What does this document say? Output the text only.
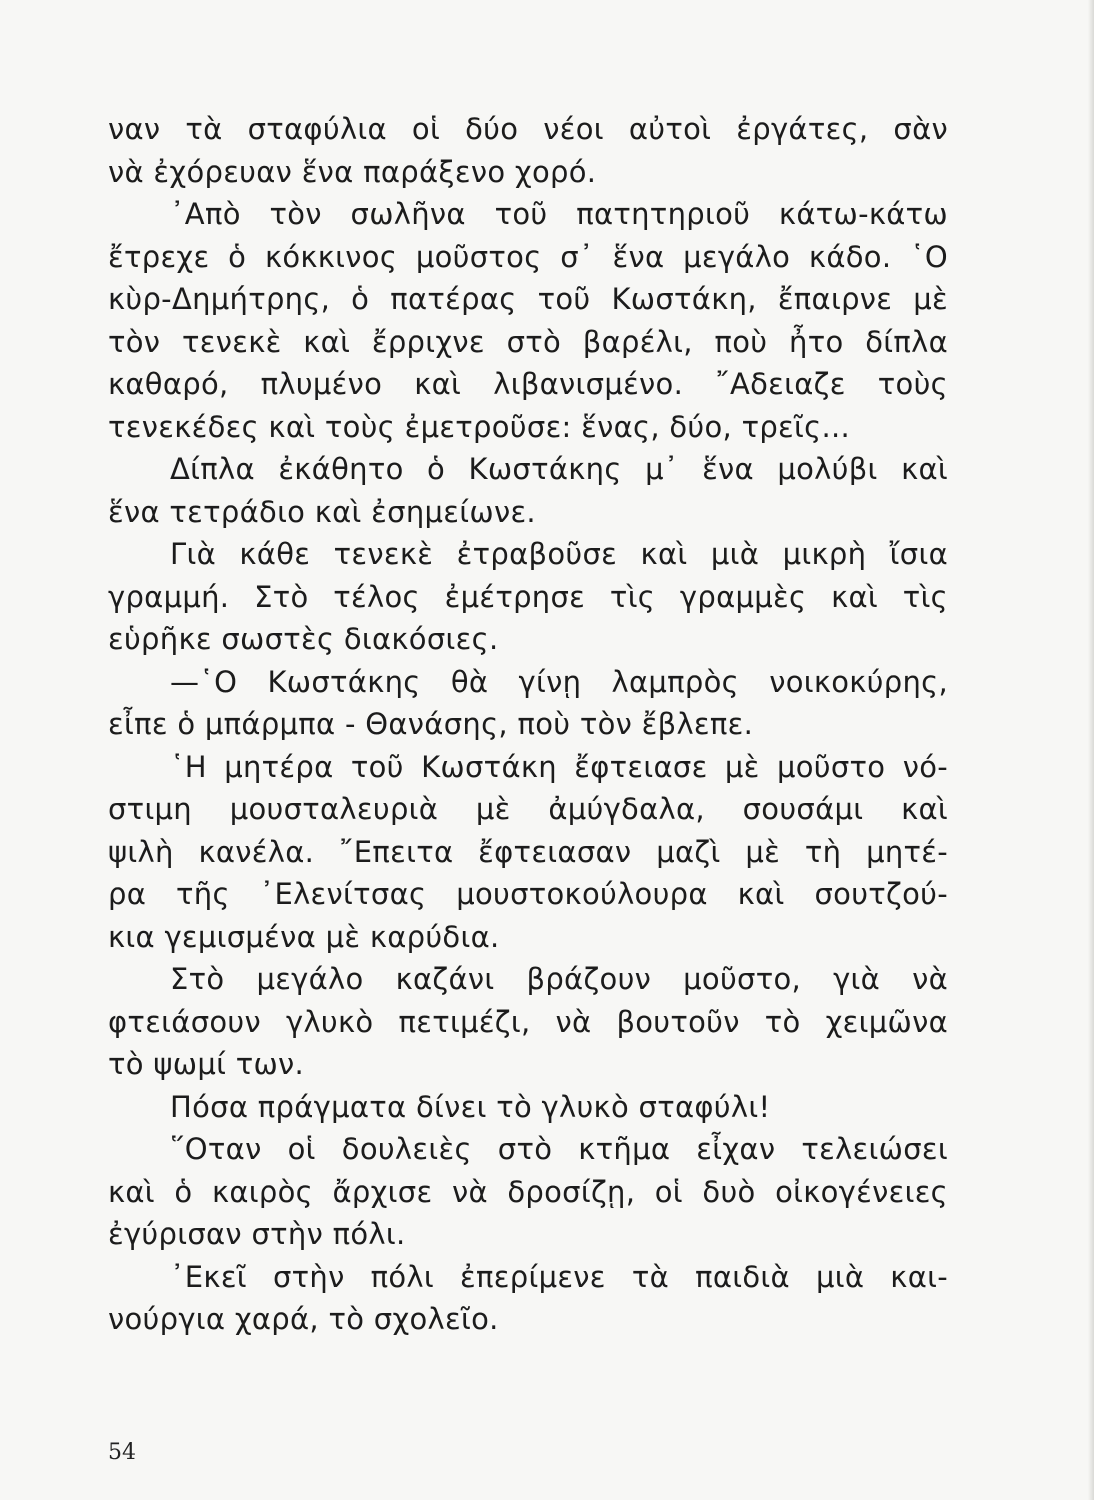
ναν τὰ σταφύλια οἱ δύο νέοι αὐτοὶ ἐργάτες, σὰν
νὰ ἐχόρευαν ἕνα παράξενο χορό.
᾿Απὸ τὸν σωλῆνα τοῦ πατητηριοῦ κάτω-κάτω
ἔτρεχε ὁ κόκκινος μοῦστος σ᾿ ἕνα μεγάλο κάδο. ῾Ο
κὺρ-Δημήτρης, ὁ πατέρας τοῦ Κωστάκη, ἔπαιρνε μὲ
τὸν τενεκὲ καὶ ἔρριχνε στὸ βαρέλι, ποὺ ἦτο δίπλα
καθαρό, πλυμένο καὶ λιβανισμένο. ῎Αδειαζε τοὺς
τενεκέδες καὶ τοὺς ἐμετροῦσε: ἕνας, δύο, τρεῖς...
Δίπλα ἐκάθητο ὁ Κωστάκης μ᾿ ἕνα μολύβι καὶ
ἕνα τετράδιο καὶ ἐσημείωνε.
Γιὰ κάθε τενεκὲ ἐτραβοῦσε καὶ μιὰ μικρὴ ἴσια
γραμμή. Στὸ τέλος ἐμέτρησε τὶς γραμμὲς καὶ τὶς
εὑρῆκε σωστὲς διακόσιες.
—῾Ο Κωστάκης θὰ γίνῃ λαμπρὸς νοικοκύρης,
εἶπε ὁ μπάρμπα - Θανάσης, ποὺ τὸν ἔβλεπε.
῾Η μητέρα τοῦ Κωστάκη ἔφτειασε μὲ μοῦστο νό-
στιμη μουσταλευριὰ μὲ ἀμύγδαλα, σουσάμι καὶ
ψιλὴ κανέλα. ῎Επειτα ἔφτειασαν μαζὶ μὲ τὴ μητέ-
ρα τῆς ᾿Ελενίτσας μουστοκούλουρα καὶ σουτζού-
κια γεμισμένα μὲ καρύδια.
Στὸ μεγάλο καζάνι βράζουν μοῦστο, γιὰ νὰ
φτειάσουν γλυκὸ πετιμέζι, νὰ βουτοῦν τὸ χειμῶνα
τὸ ψωμί των.
Πόσα πράγματα δίνει τὸ γλυκὸ σταφύλι!
῞Οταν οἱ δουλειὲς στὸ κτῆμα εἶχαν τελειώσει
καὶ ὁ καιρὸς ἄρχισε νὰ δροσίζῃ, οἱ δυὸ οἰκογένειες
ἐγύρισαν στὴν πόλι.
᾿Εκεῖ στὴν πόλι ἐπερίμενε τὰ παιδιὰ μιὰ και-
νούργια χαρά, τὸ σχολεῖο.
54
